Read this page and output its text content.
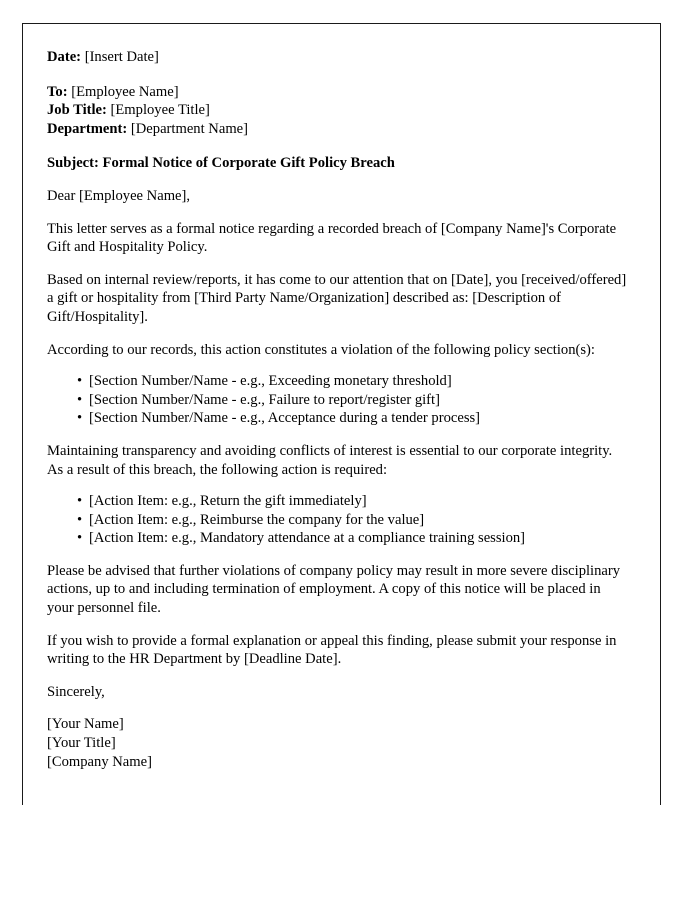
Date: [Insert Date]

To: [Employee Name]

Job Title: [Employee Title]

Department: [Department Name]

Subject: Formal Notice of Corporate Gift Policy Breach

Dear [Employee Name],

This letter serves as a formal notice regarding a recorded breach of [Company Name]'s Corporate Gift and Hospitality Policy.

Based on internal review/reports, it has come to our attention that on [Date], you [received/offered] a gift or hospitality from [Third Party Name/Organization] described as: [Description of Gift/Hospitality].

According to our records, this action constitutes a violation of the following policy section(s):

• [Section Number/Name - e.g., Exceeding monetary threshold]
• [Section Number/Name - e.g., Failure to report/register gift]
• [Section Number/Name - e.g., Acceptance during a tender process]

Maintaining transparency and avoiding conflicts of interest is essential to our corporate integrity. As a result of this breach, the following action is required:

• [Action Item: e.g., Return the gift immediately]
• [Action Item: e.g., Reimburse the company for the value]
• [Action Item: e.g., Mandatory attendance at a compliance training session]

Please be advised that further violations of company policy may result in more severe disciplinary actions, up to and including termination of employment. A copy of this notice will be placed in your personnel file.

If you wish to provide a formal explanation or appeal this finding, please submit your response in writing to the HR Department by [Deadline Date].

Sincerely,

[Your Name]

[Your Title]

[Company Name]
